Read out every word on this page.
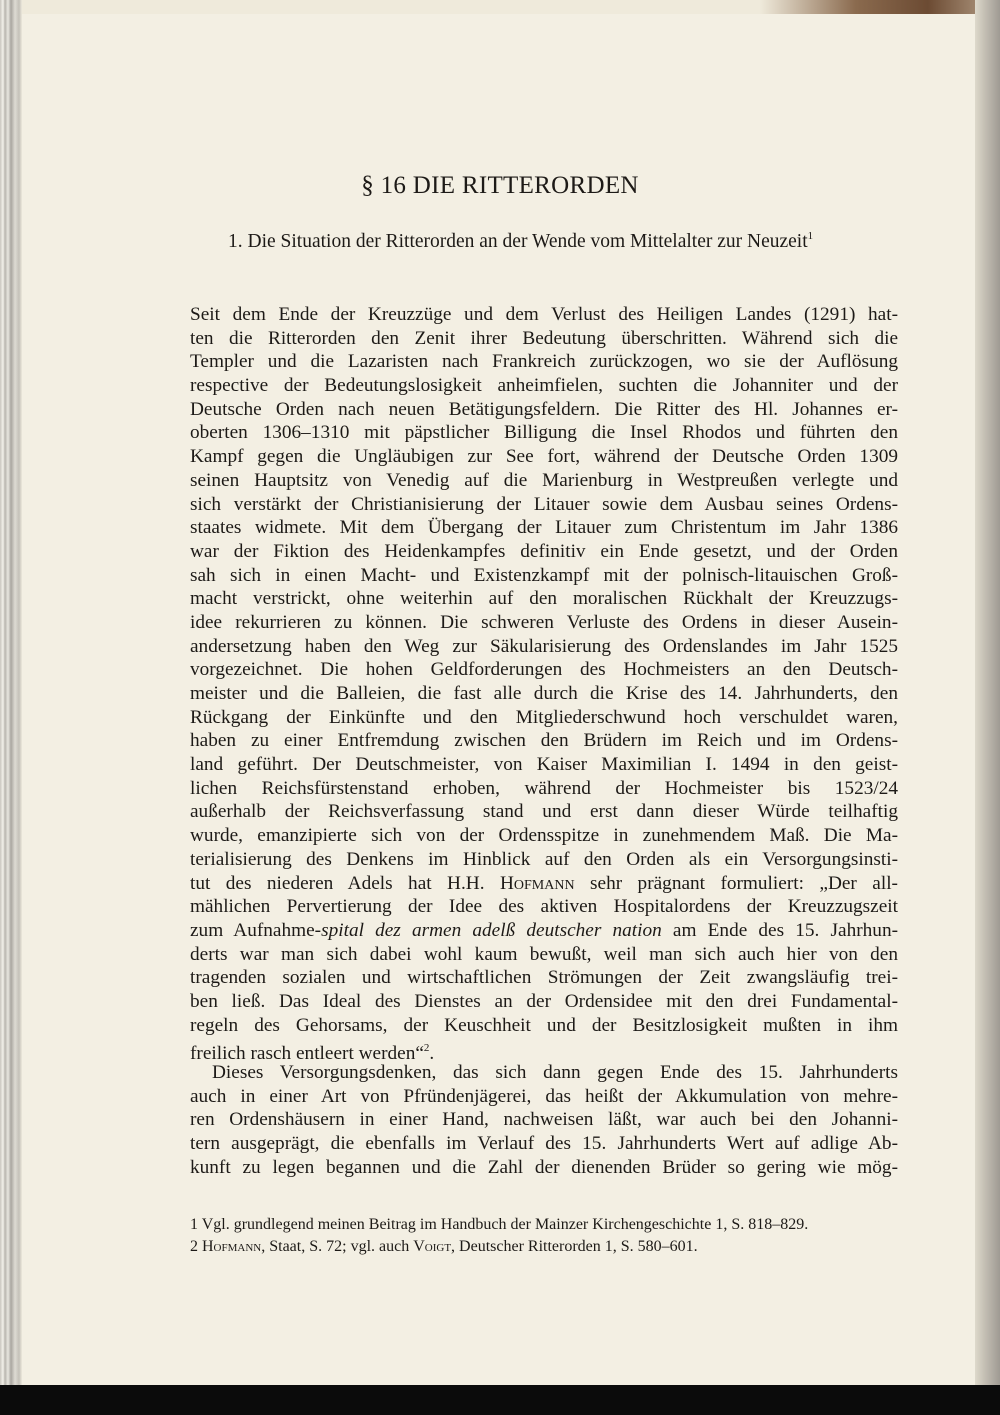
§ 16 DIE RITTERORDEN
1. Die Situation der Ritterorden an der Wende vom Mittelalter zur Neuzeit$^1$
Seit dem Ende der Kreuzzüge und dem Verlust des Heiligen Landes (1291) hat-
ten die Ritterorden den Zenit ihrer Bedeutung überschritten. Während sich die
Templer und die Lazaristen nach Frankreich zurückzogen, wo sie der Auflösung
respective der Bedeutungslosigkeit anheimfielen, suchten die Johanniter und der
Deutsche Orden nach neuen Betätigungsfeldern. Die Ritter des Hl. Johannes er-
oberten 1306–1310 mit päpstlicher Billigung die Insel Rhodos und führten den
Kampf gegen die Ungläubigen zur See fort, während der Deutsche Orden 1309
seinen Hauptsitz von Venedig auf die Marienburg in Westpreußen verlegte und
sich verstärkt der Christianisierung der Litauer sowie dem Ausbau seines Ordens-
staates widmete. Mit dem Übergang der Litauer zum Christentum im Jahr 1386
war der Fiktion des Heidenkampfes definitiv ein Ende gesetzt, und der Orden
sah sich in einen Macht- und Existenzkampf mit der polnisch-litauischen Groß-
macht verstrickt, ohne weiterhin auf den moralischen Rückhalt der Kreuzzugs-
idee rekurrieren zu können. Die schweren Verluste des Ordens in dieser Ausein-
andersetzung haben den Weg zur Säkularisierung des Ordenslandes im Jahr 1525
vorgezeichnet. Die hohen Geldforderungen des Hochmeisters an den Deutsch-
meister und die Balleien, die fast alle durch die Krise des 14. Jahrhunderts, den
Rückgang der Einkünfte und den Mitgliederschwund hoch verschuldet waren,
haben zu einer Entfremdung zwischen den Brüdern im Reich und im Ordens-
land geführt. Der Deutschmeister, von Kaiser Maximilian I. 1494 in den geist-
lichen Reichsfürstenstand erhoben, während der Hochmeister bis 1523/24
außerhalb der Reichsverfassung stand und erst dann dieser Würde teilhaftig
wurde, emanzipierte sich von der Ordensspitze in zunehmendem Maß. Die Ma-
terialisierung des Denkens im Hinblick auf den Orden als ein Versorgungsinsti-
tut des niederen Adels hat H.H. Hofmann sehr prägnant formuliert: „Der all-
mählichen Pervertierung der Idee des aktiven Hospitalordens der Kreuzzugszeit
zum Aufnahme-spital dez armen adelß deutscher nation am Ende des 15. Jahrhun-
derts war man sich dabei wohl kaum bewußt, weil man sich auch hier von den
tragenden sozialen und wirtschaftlichen Strömungen der Zeit zwangsläufig trei-
ben ließ. Das Ideal des Dienstes an der Ordensidee mit den drei Fundamental-
regeln des Gehorsams, der Keuschheit und der Besitzlosigkeit mußten in ihm
freilich rasch entleert werden“$^2$.
Dieses Versorgungsdenken, das sich dann gegen Ende des 15. Jahrhunderts
auch in einer Art von Pfründenjägerei, das heißt der Akkumulation von mehre-
ren Ordenshäusern in einer Hand, nachweisen läßt, war auch bei den Johanni-
tern ausgeprägt, die ebenfalls im Verlauf des 15. Jahrhunderts Wert auf adlige Ab-
kunft zu legen begannen und die Zahl der dienenden Brüder so gering wie mög-
1 Vgl. grundlegend meinen Beitrag im Handbuch der Mainzer Kirchengeschichte 1, S. 818–829.
2 Hofmann, Staat, S. 72; vgl. auch Voigt, Deutscher Ritterorden 1, S. 580–601.
